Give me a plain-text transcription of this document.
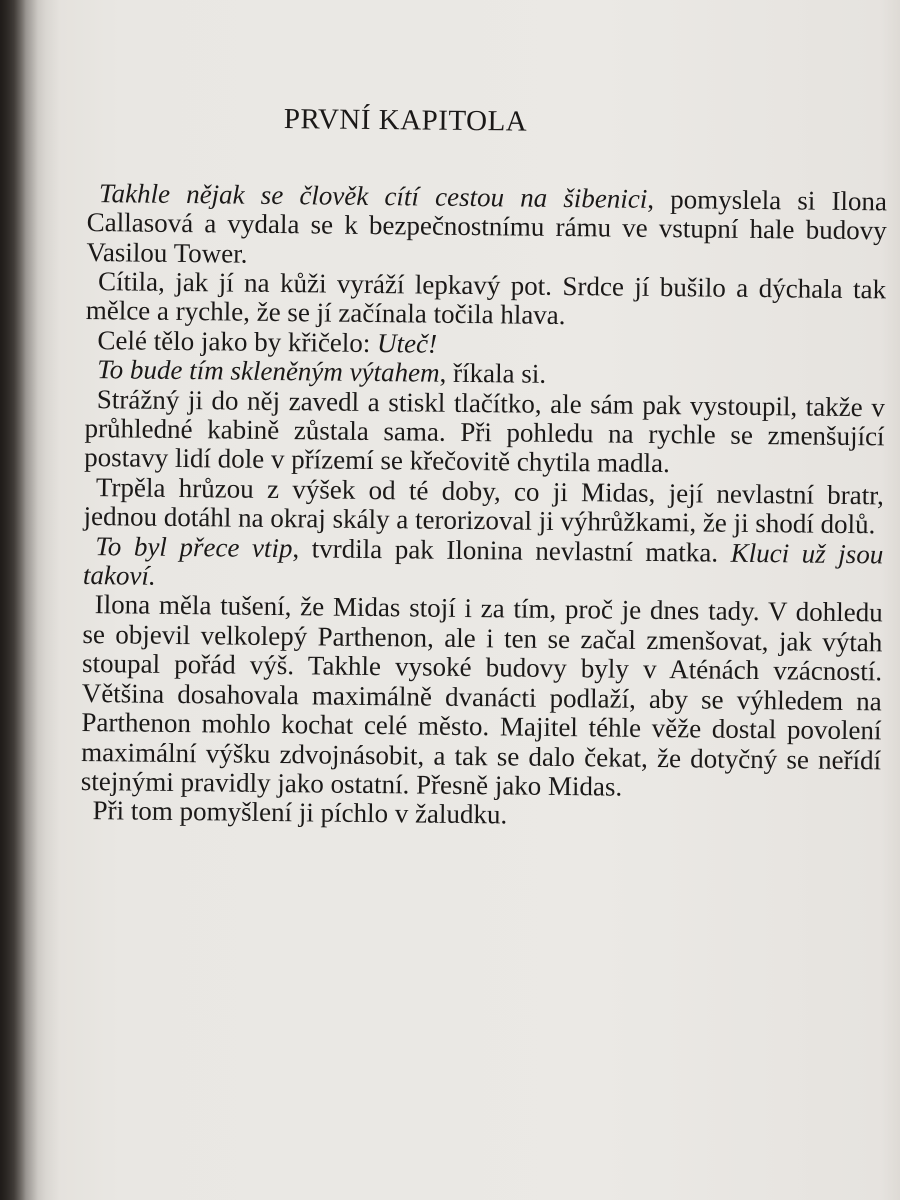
PRVNÍ KAPITOLA

Takhle nějak se člověk cítí cestou na šibenici, pomyslela si Ilona Callasová a vydala se k bezpečnostnímu rámu ve vstupní hale budovy Vasilou Tower.

Cítila, jak jí na kůži vyráží lepkavý pot. Srdce jí bušilo a dýchala tak mělce a rychle, že se jí začínala točila hlava.

Celé tělo jako by křičelo: Uteč!

To bude tím skleněným výtahem, říkala si.

Strážný ji do něj zavedl a stiskl tlačítko, ale sám pak vystoupil, takže v průhledné kabině zůstala sama. Při pohledu na rychle se zmenšující postavy lidí dole v přízemí se křečovitě chytila madla.

Trpěla hrůzou z výšek od té doby, co ji Midas, její nevlastní bratr, jednou dotáhl na okraj skály a terorizoval ji výhrůžkami, že ji shodí dolů.

To byl přece vtip, tvrdila pak Ilonina nevlastní matka. Kluci už jsou takoví.

Ilona měla tušení, že Midas stojí i za tím, proč je dnes tady. V dohledu se objevil velkolepý Parthenon, ale i ten se začal zmenšovat, jak výtah stoupal pořád výš. Takhle vysoké budovy byly v Aténách vzácností. Většina dosahovala maximálně dvanácti podlaží, aby se výhledem na Parthenon mohlo kochat celé město. Majitel téhle věže dostal povolení maximální výšku zdvojnásobit, a tak se dalo čekat, že dotyčný se neřídí stejnými pravidly jako ostatní. Přesně jako Midas.

Při tom pomyšlení ji píchlo v žaludku.
